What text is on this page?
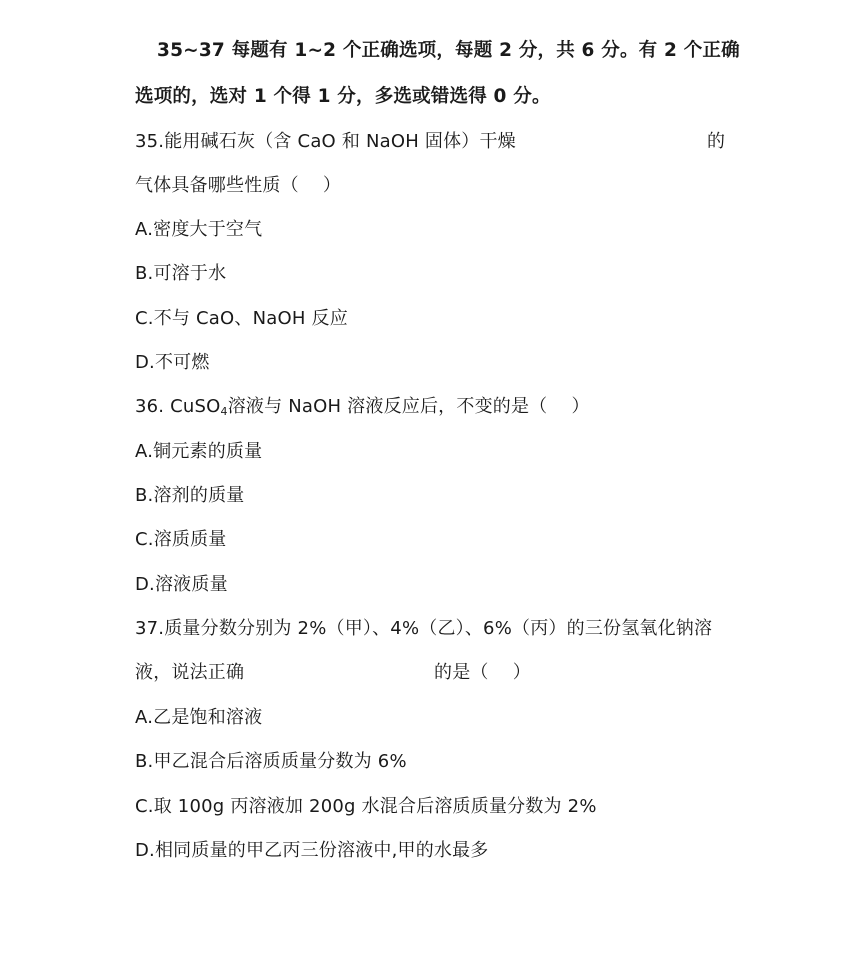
35~37 每题有 1~2 个正确选项，每题 2 分，共 6 分。有 2 个正确
选项的，选对 1 个得 1 分，多选或错选得 0 分。
35.能用碱石灰（含 CaO 和 NaOH 固体）干燥	的
气体具备哪些性质（　 ）
A.密度大于空气
B.可溶于水
C.不与 CaO、NaOH 反应
D.不可燃
36. CuSO$_4$溶液与 NaOH 溶液反应后，不变的是（　 ）
A.铜元素的质量
B.溶剂的质量
C.溶质质量
D.溶液质量
37.质量分数分别为 2%（甲）、4%（乙）、6%（丙）的三份氢氧化钠溶
液，说法正确	的是（　 ）
A.乙是饱和溶液
B.甲乙混合后溶质质量分数为 6%
C.取 100g 丙溶液加 200g 水混合后溶质质量分数为 2%
D.相同质量的甲乙丙三份溶液中,甲的水最多
